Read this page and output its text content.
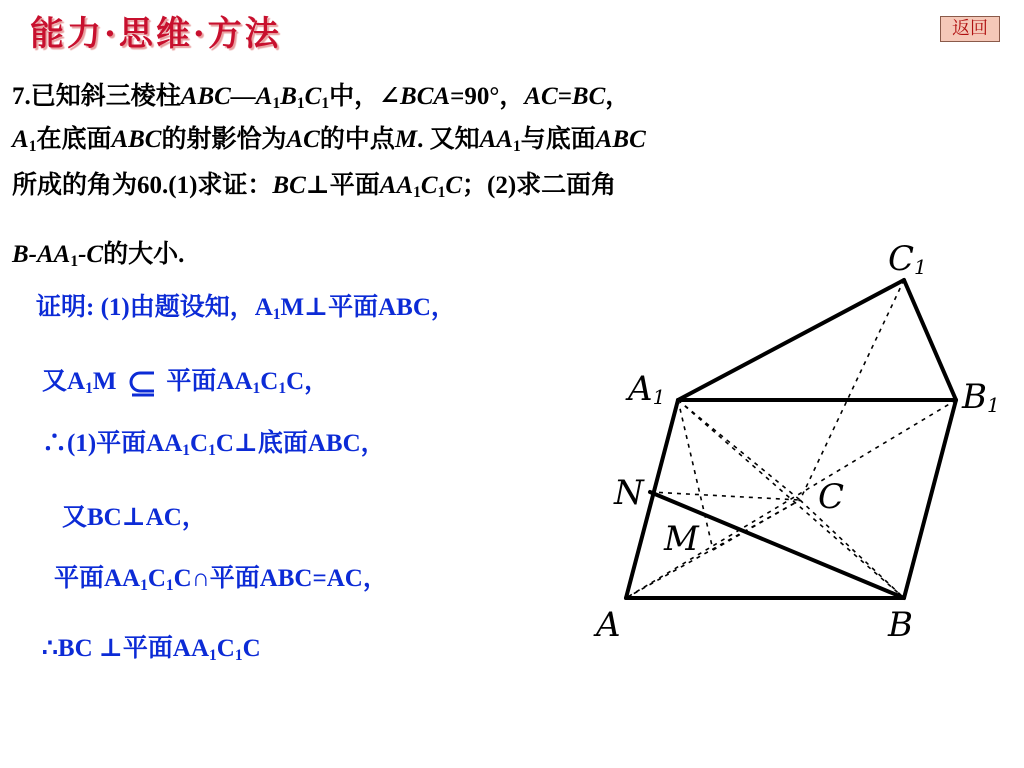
能力·思维·方法	返回
7.已知斜三棱柱$ABC—A_1B_1C_1$中，∠BCA=90°，AC=BC，
$A_1$在底面ABC的射影恰为AC的中点M. 又知$AA_1$与底面ABC
所成的角为60.(1)求证：BC⊥平面$AA_1C_1C$；(2)求二面角
$B-AA_1-C$的大小.
证明: (1)由题设知，$A_1M\perp$平面ABC，
又$A_1M$ 平面$AA_1C_1C$，
∴(1)平面$AA_1C_1C\perp$底面ABC，
又BC⊥AC，
平面$AA_1C_1C\cap$平面ABC=AC，
∴BC ⊥平面$AA_1C_1C$
C1
A1	B1
N	C
M
A	B
